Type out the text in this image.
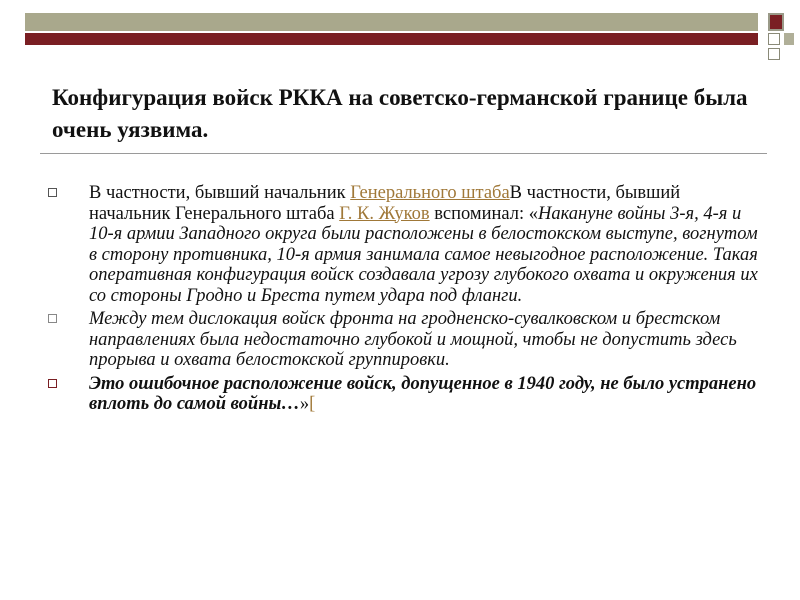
Конфигурация войск РККА на советско-германской границе была очень уязвима.
В частности, бывший начальник Генерального штабаВ частности, бывший начальник Генерального штаба Г. К. Жуков вспоминал: «Накануне войны 3-я, 4-я и 10-я армии Западного округа были расположены в белостокском выступе, вогнутом в сторону противника, 10-я армия занимала самое невыгодное расположение. Такая оперативная конфигурация войск создавала угрозу глубокого охвата и окружения их со стороны Гродно и Бреста путем удара под фланги.
Между тем дислокация войск фронта на гродненско-сувалковском и брестском направлениях была недостаточно глубокой и мощной, чтобы не допустить здесь прорыва и охвата белостокской группировки.
Это ошибочное расположение войск, допущенное в 1940 году, не было устранено вплоть до самой войны…»[
